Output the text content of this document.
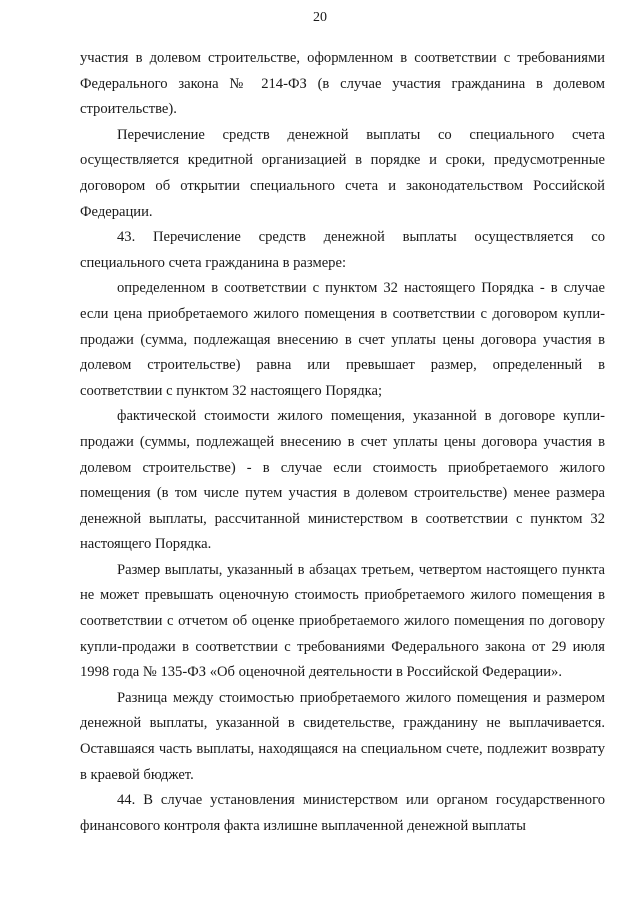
20

участия в долевом строительстве, оформленном в соответствии с требованиями Федерального закона № 214-ФЗ (в случае участия гражданина в долевом строительстве).

Перечисление средств денежной выплаты со специального счета осуществляется кредитной организацией в порядке и сроки, предусмотренные договором об открытии специального счета и законодательством Российской Федерации.

43. Перечисление средств денежной выплаты осуществляется со специального счета гражданина в размере:

определенном в соответствии с пунктом 32 настоящего Порядка - в случае если цена приобретаемого жилого помещения в соответствии с договором купли-продажи (сумма, подлежащая внесению в счет уплаты цены договора участия в долевом строительстве) равна или превышает размер, определенный в соответствии с пунктом 32 настоящего Порядка;

фактической стоимости жилого помещения, указанной в договоре купли-продажи (суммы, подлежащей внесению в счет уплаты цены договора участия в долевом строительстве) - в случае если стоимость приобретаемого жилого помещения (в том числе путем участия в долевом строительстве) менее размера денежной выплаты, рассчитанной министерством в соответствии с пунктом 32 настоящего Порядка.

Размер выплаты, указанный в абзацах третьем, четвертом настоящего пункта не может превышать оценочную стоимость приобретаемого жилого помещения в соответствии с отчетом об оценке приобретаемого жилого помещения по договору купли-продажи в соответствии с требованиями Федерального закона от 29 июля 1998 года № 135-ФЗ «Об оценочной деятельности в Российской Федерации».

Разница между стоимостью приобретаемого жилого помещения и размером денежной выплаты, указанной в свидетельстве, гражданину не выплачивается. Оставшаяся часть выплаты, находящаяся на специальном счете, подлежит возврату в краевой бюджет.

44. В случае установления министерством или органом государственного финансового контроля факта излишне выплаченной денежной выплаты
